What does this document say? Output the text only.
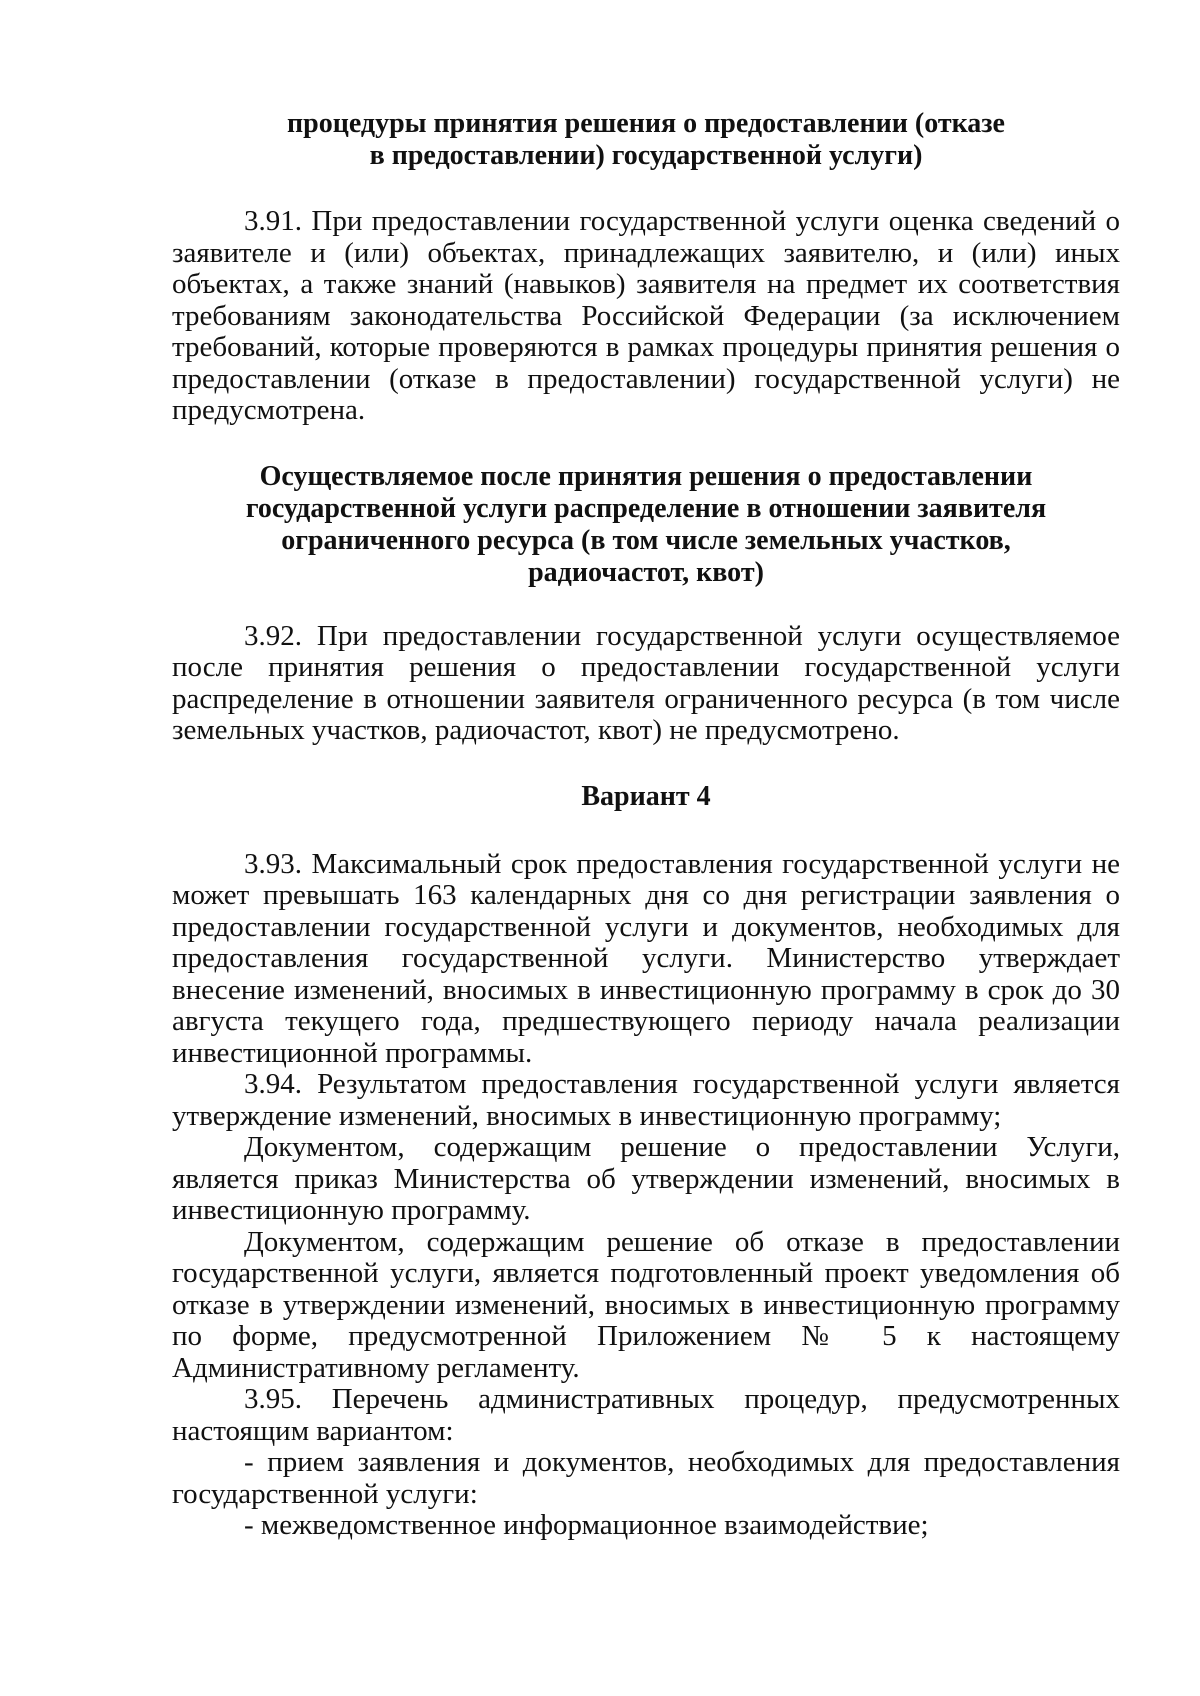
процедуры принятия решения о предоставлении (отказе
в предоставлении) государственной услуги)

3.91. При предоставлении государственной услуги оценка сведений о заявителе и (или) объектах, принадлежащих заявителю, и (или) иных объектах, а также знаний (навыков) заявителя на предмет их соответствия требованиям законодательства Российской Федерации (за исключением требований, которые проверяются в рамках процедуры принятия решения о предоставлении (отказе в предоставлении) государственной услуги) не предусмотрена.

Осуществляемое после принятия решения о предоставлении
государственной услуги распределение в отношении заявителя
ограниченного ресурса (в том числе земельных участков,
радиочастот, квот)

3.92. При предоставлении государственной услуги осуществляемое после принятия решения о предоставлении государственной услуги распределение в отношении заявителя ограниченного ресурса (в том числе земельных участков, радиочастот, квот) не предусмотрено.

Вариант 4

3.93. Максимальный срок предоставления государственной услуги не может превышать 163 календарных дня со дня регистрации заявления о предоставлении государственной услуги и документов, необходимых для предоставления государственной услуги. Министерство утверждает внесение изменений, вносимых в инвестиционную программу в срок до 30 августа текущего года, предшествующего периоду начала реализации инвестиционной программы.

3.94. Результатом предоставления государственной услуги является утверждение изменений, вносимых в инвестиционную программу;

Документом, содержащим решение о предоставлении Услуги, является приказ Министерства об утверждении изменений, вносимых в инвестиционную программу.

Документом, содержащим решение об отказе в предоставлении государственной услуги, является подготовленный проект уведомления об отказе в утверждении изменений, вносимых в инвестиционную программу по форме, предусмотренной Приложением № 5 к настоящему Административному регламенту.

3.95. Перечень административных процедур, предусмотренных настоящим вариантом:

- прием заявления и документов, необходимых для предоставления государственной услуги:

- межведомственное информационное взаимодействие;
